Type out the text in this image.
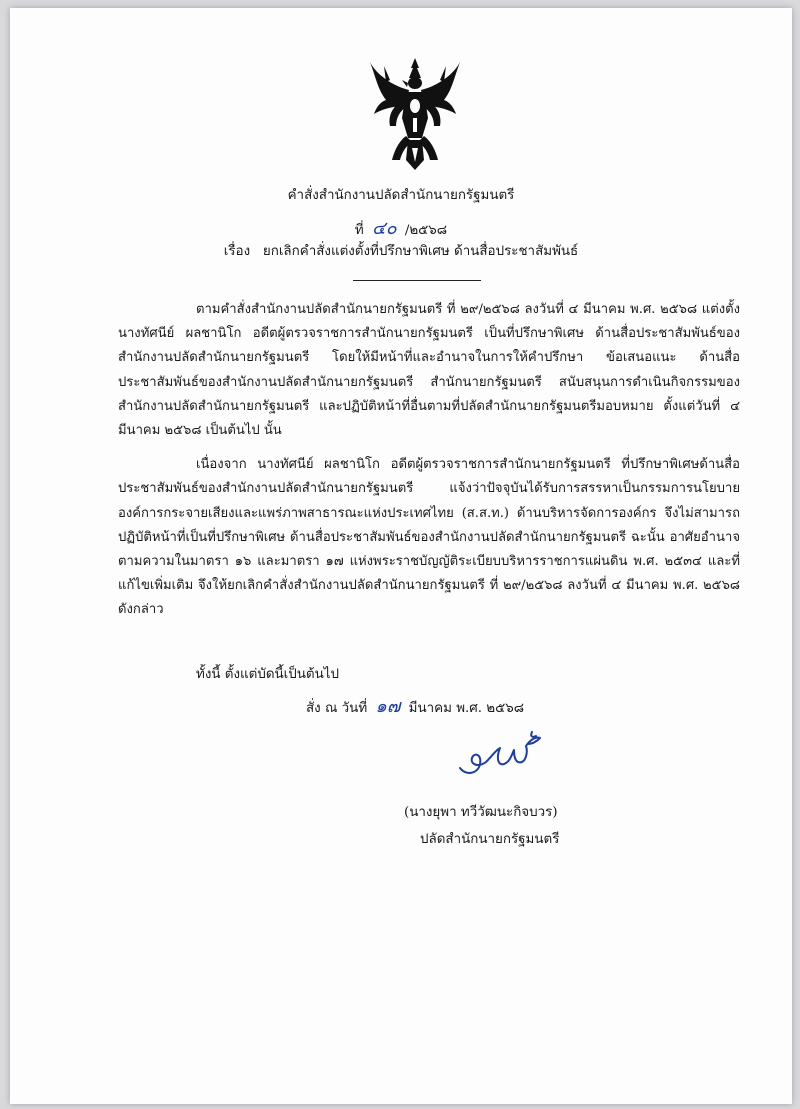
คำสั่งสำนักงานปลัดสำนักนายกรัฐมนตรี
ที่ ๔๐ /๒๕๖๘
เรื่อง ยกเลิกคำสั่งแต่งตั้งที่ปรึกษาพิเศษ ด้านสื่อประชาสัมพันธ์

ตามคำสั่งสำนักงานปลัดสำนักนายกรัฐมนตรี ที่ ๒๙/๒๕๖๘ ลงวันที่ ๔ มีนาคม พ.ศ. ๒๕๖๘ แต่งตั้ง นางทัศนีย์ ผลชานิโก อดีตผู้ตรวจราชการสำนักนายกรัฐมนตรี เป็นที่ปรึกษาพิเศษ ด้านสื่อประชาสัมพันธ์ของสำนักงานปลัดสำนักนายกรัฐมนตรี โดยให้มีหน้าที่และอำนาจในการให้คำปรึกษา ข้อเสนอแนะ ด้านสื่อประชาสัมพันธ์ของสำนักงานปลัดสำนักนายกรัฐมนตรี สำนักนายกรัฐมนตรี สนับสนุนการดำเนินกิจกรรมของสำนักงานปลัดสำนักนายกรัฐมนตรี และปฏิบัติหน้าที่อื่นตามที่ปลัดสำนักนายกรัฐมนตรีมอบหมาย ตั้งแต่วันที่ ๔ มีนาคม ๒๕๖๘ เป็นต้นไป นั้น

เนื่องจาก นางทัศนีย์ ผลชานิโก อดีตผู้ตรวจราชการสำนักนายกรัฐมนตรี ที่ปรึกษาพิเศษด้านสื่อประชาสัมพันธ์ของสำนักงานปลัดสำนักนายกรัฐมนตรี แจ้งว่าปัจจุบันได้รับการสรรหาเป็นกรรมการนโยบาย องค์การกระจายเสียงและแพร่ภาพสาธารณะแห่งประเทศไทย (ส.ส.ท.) ด้านบริหารจัดการองค์กร จึงไม่สามารถปฏิบัติหน้าที่เป็นที่ปรึกษาพิเศษ ด้านสื่อประชาสัมพันธ์ของสำนักงานปลัดสำนักนายกรัฐมนตรี ฉะนั้น อาศัยอำนาจตามความในมาตรา ๑๖ และมาตรา ๑๗ แห่งพระราชบัญญัติระเบียบบริหารราชการแผ่นดิน พ.ศ. ๒๕๓๔ และที่แก้ไขเพิ่มเติม จึงให้ยกเลิกคำสั่งสำนักงานปลัดสำนักนายกรัฐมนตรี ที่ ๒๙/๒๕๖๘ ลงวันที่ ๔ มีนาคม พ.ศ. ๒๕๖๘ ดังกล่าว

ทั้งนี้ ตั้งแต่บัดนี้เป็นต้นไป
สั่ง ณ วันที่ ๑๗ มีนาคม พ.ศ. ๒๕๖๘
(นางยุพา ทวีวัฒนะกิจบวร)
ปลัดสำนักนายกรัฐมนตรี
